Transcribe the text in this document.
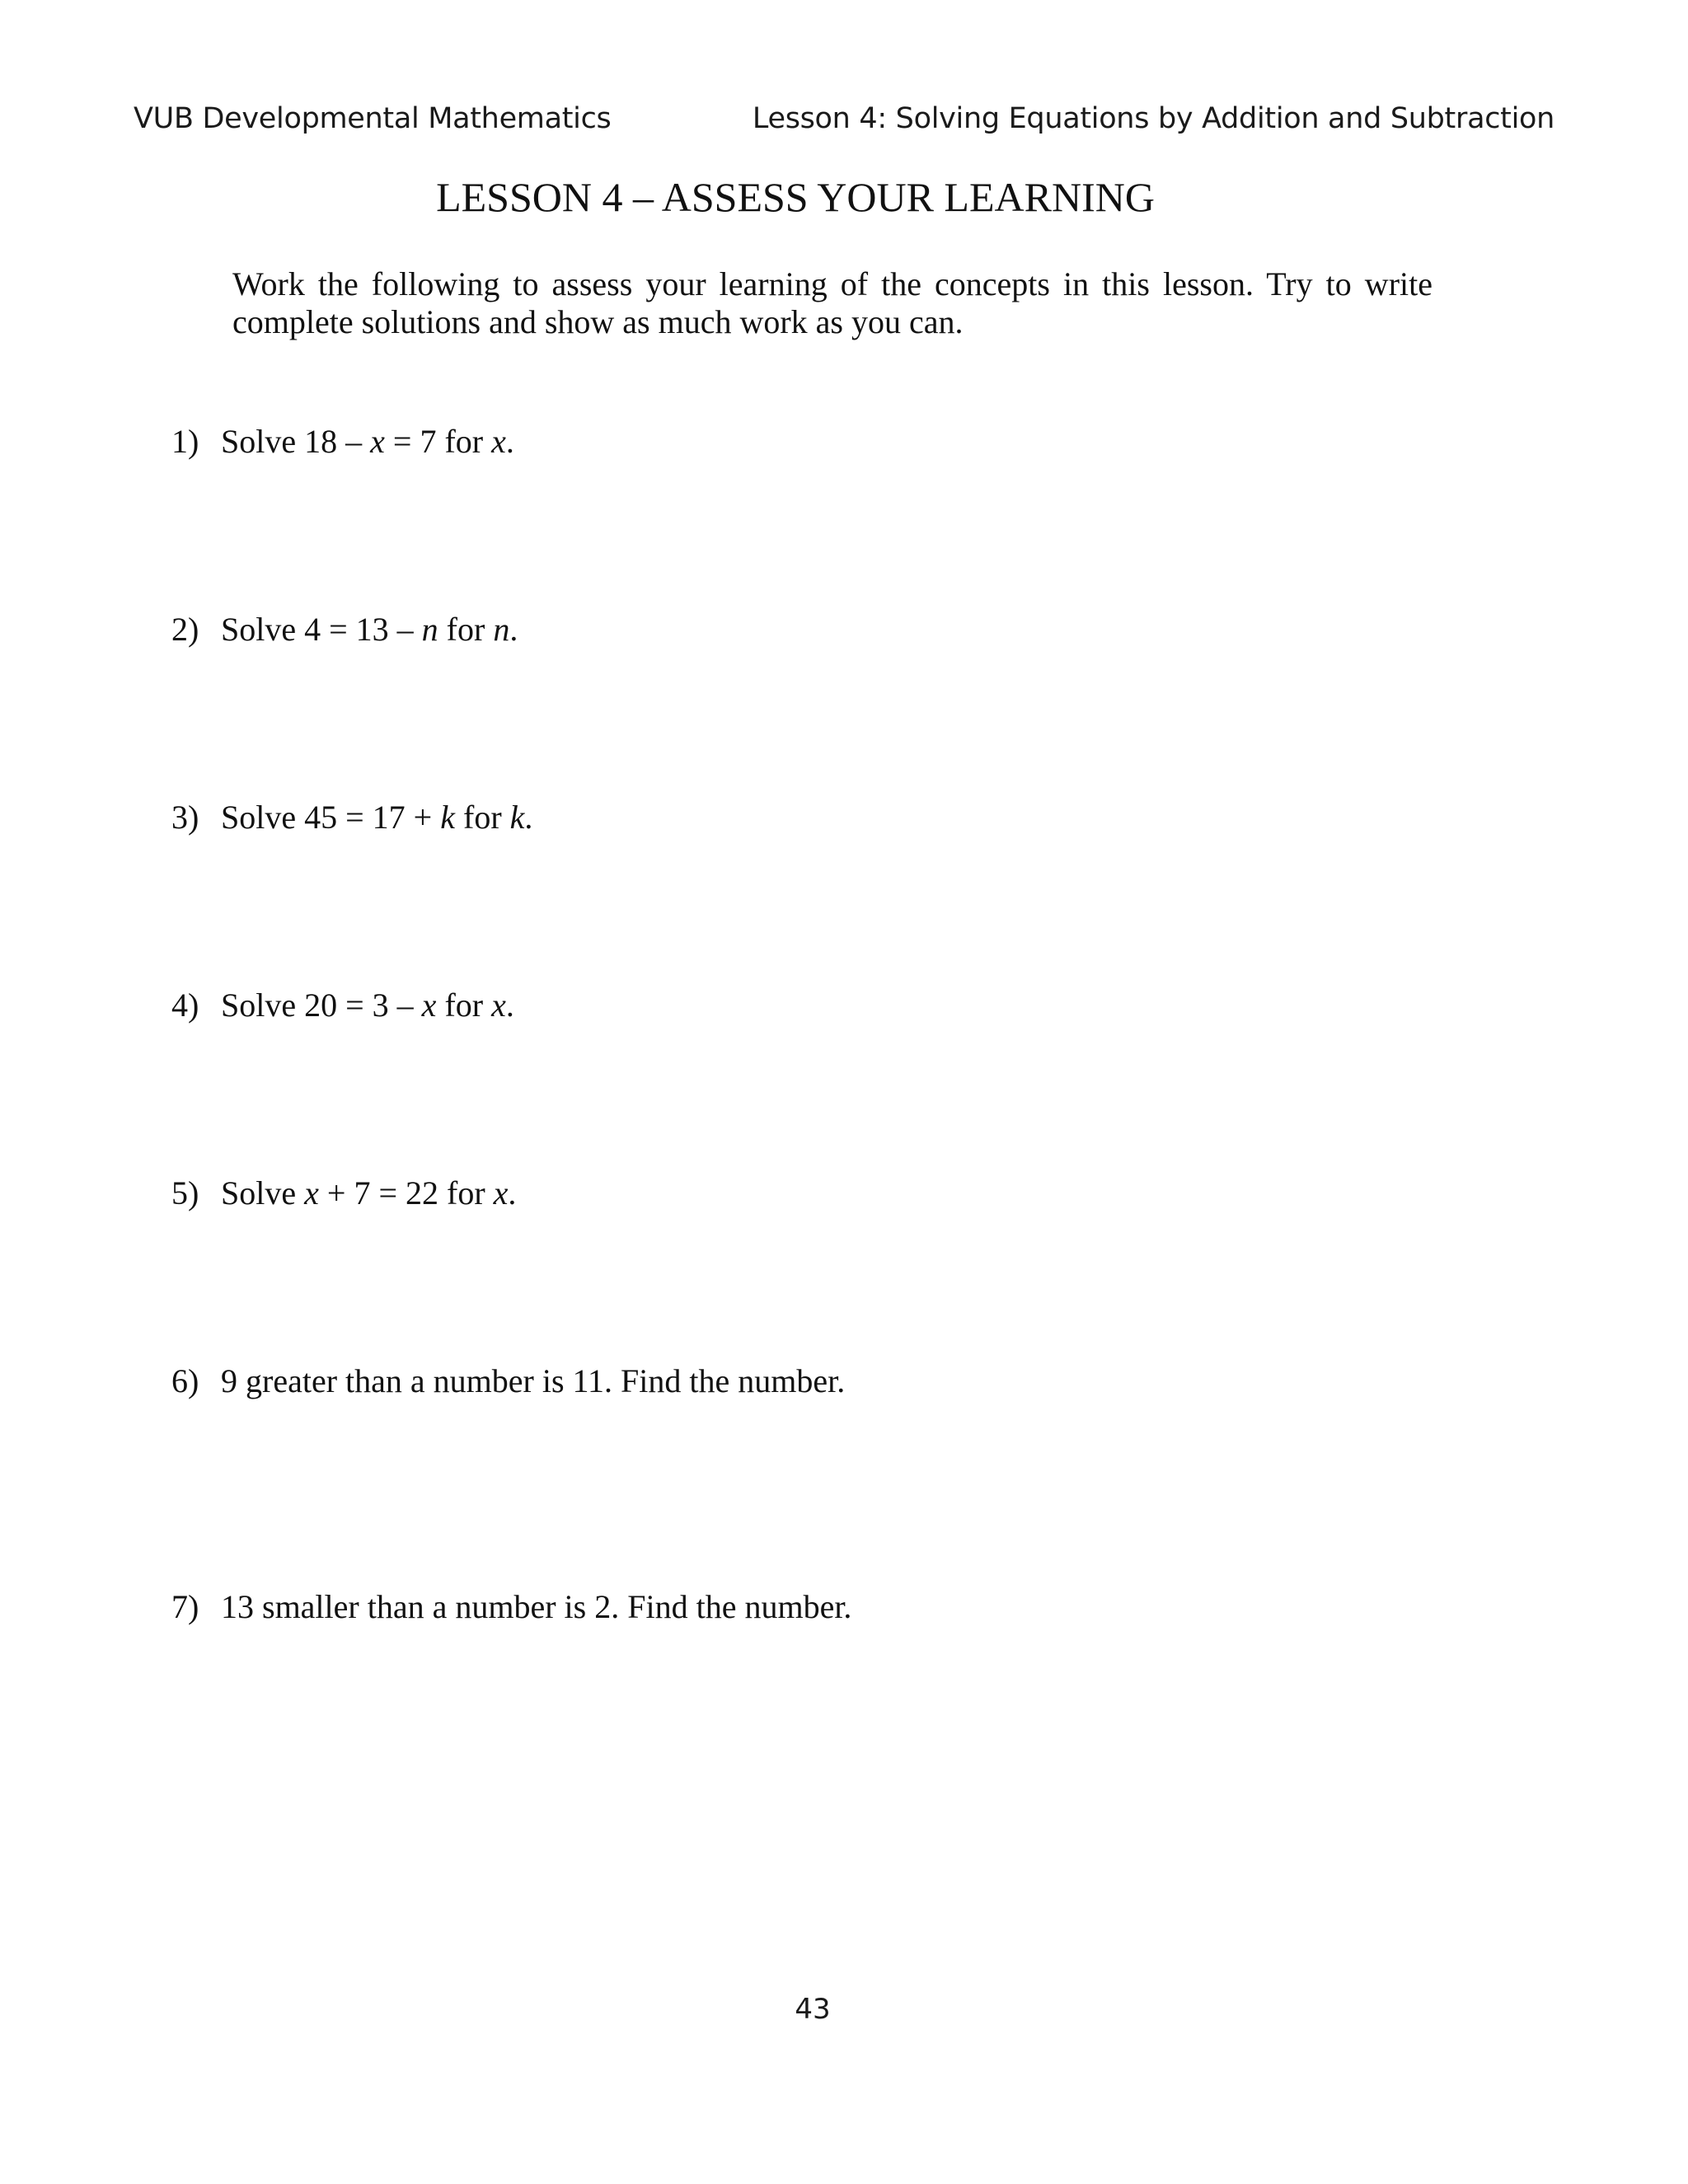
VUB Developmental Mathematics	Lesson 4: Solving Equations by Addition and Subtraction
LESSON 4 – ASSESS YOUR LEARNING
Work the following to assess your learning of the concepts in this lesson. Try to write complete solutions and show as much work as you can.
1) Solve 18 – x = 7 for x.
2) Solve 4 = 13 – n for n.
3) Solve 45 = 17 + k for k.
4) Solve 20 = 3 – x for x.
5) Solve x + 7 = 22 for x.
6) 9 greater than a number is 11. Find the number.
7) 13 smaller than a number is 2. Find the number.
43
